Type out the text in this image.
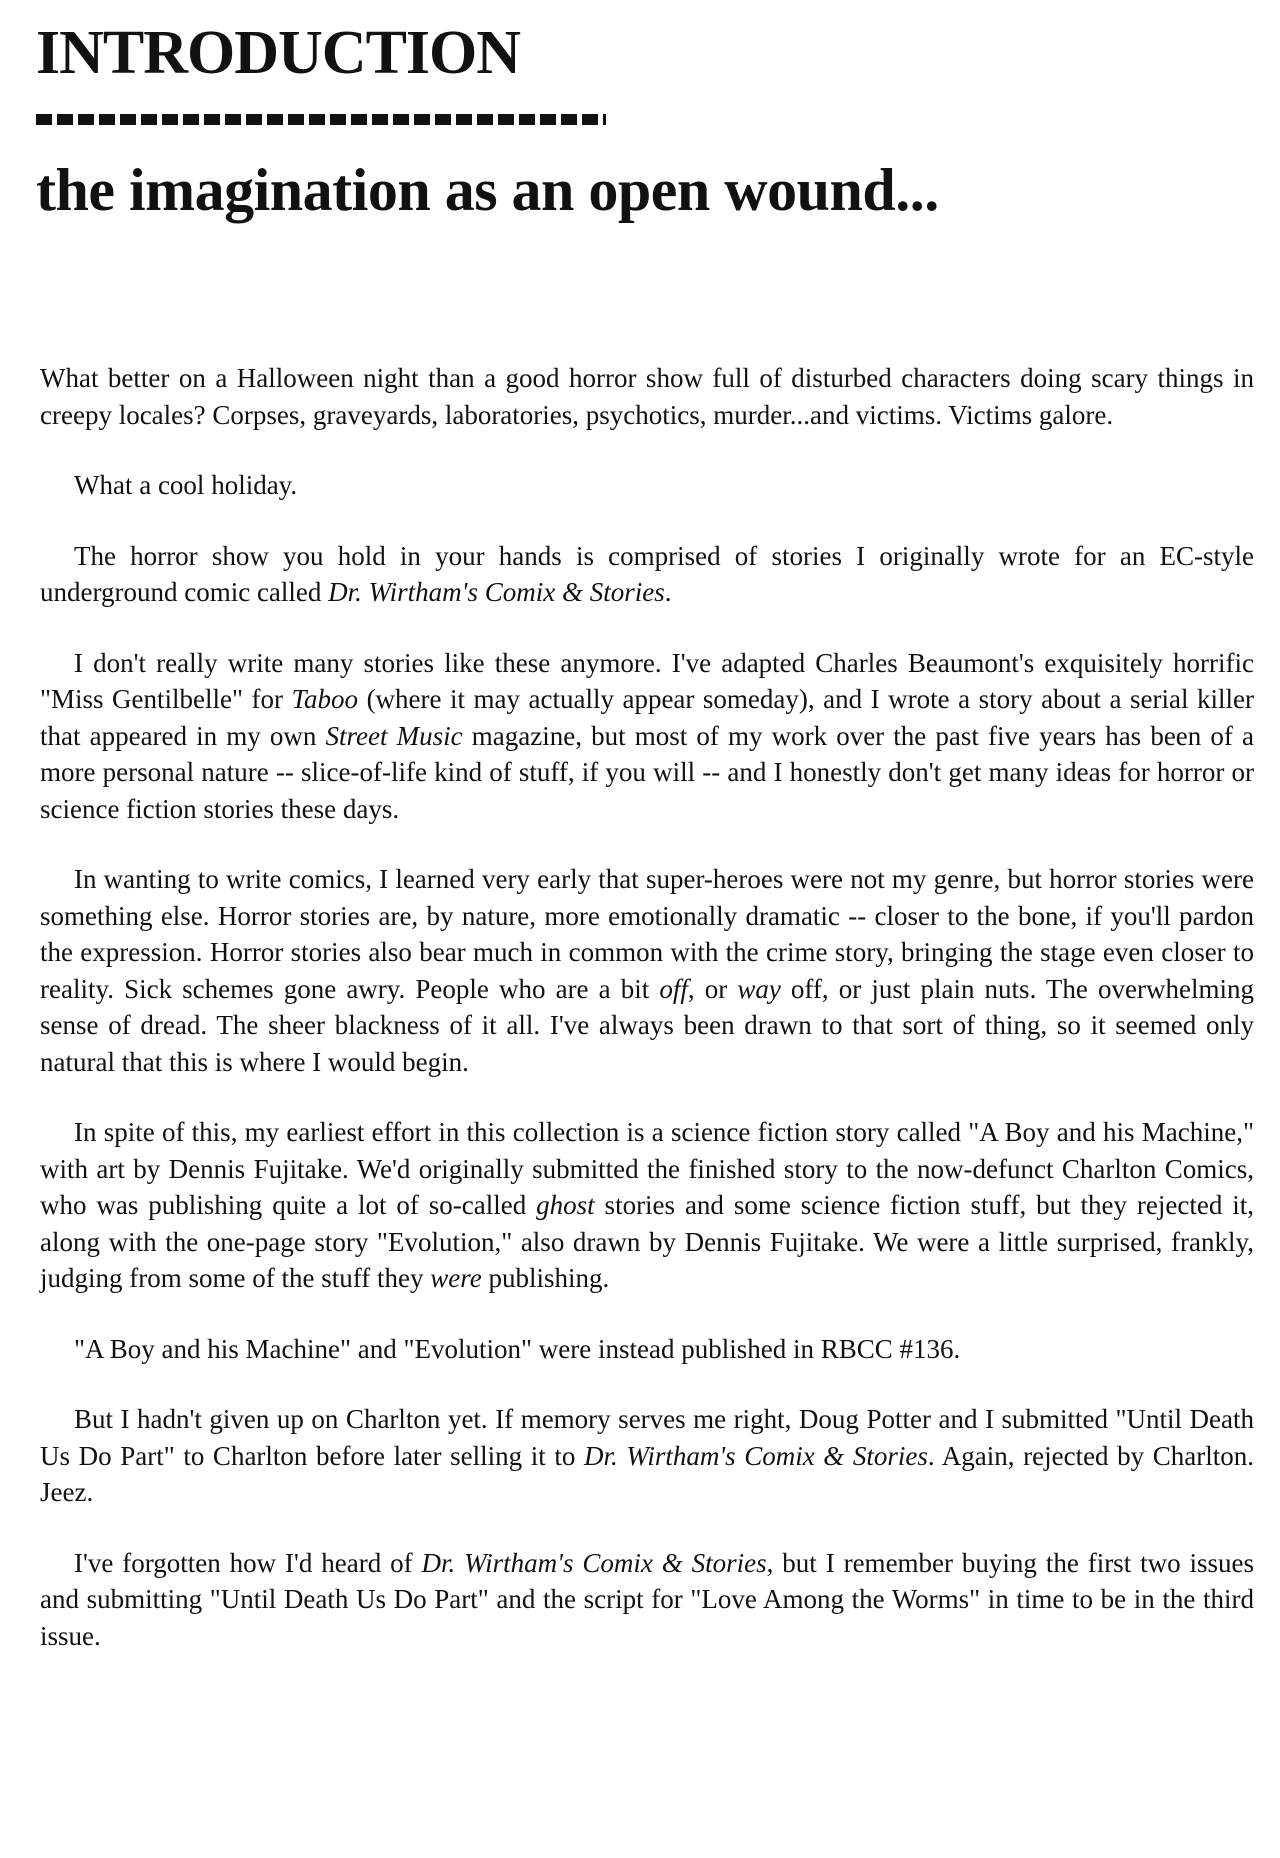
INTRODUCTION
the imagination as an open wound...

What better on a Halloween night than a good horror show full of disturbed characters doing scary things in creepy locales? Corpses, graveyards, laboratories, psychotics, murder...and victims. Victims galore.

What a cool holiday.

The horror show you hold in your hands is comprised of stories I originally wrote for an EC-style underground comic called Dr. Wirtham's Comix & Stories.

I don't really write many stories like these anymore. I've adapted Charles Beaumont's exquisitely horrific "Miss Gentilbelle" for Taboo (where it may actually appear someday), and I wrote a story about a serial killer that appeared in my own Street Music magazine, but most of my work over the past five years has been of a more personal nature -- slice-of-life kind of stuff, if you will -- and I honestly don't get many ideas for horror or science fiction stories these days.

In wanting to write comics, I learned very early that super-heroes were not my genre, but horror stories were something else. Horror stories are, by nature, more emotionally dramatic -- closer to the bone, if you'll pardon the expression. Horror stories also bear much in common with the crime story, bringing the stage even closer to reality. Sick schemes gone awry. People who are a bit off, or way off, or just plain nuts. The overwhelming sense of dread. The sheer blackness of it all. I've always been drawn to that sort of thing, so it seemed only natural that this is where I would begin.

In spite of this, my earliest effort in this collection is a science fiction story called "A Boy and his Machine," with art by Dennis Fujitake. We'd originally submitted the finished story to the now-defunct Charlton Comics, who was publishing quite a lot of so-called ghost stories and some science fiction stuff, but they rejected it, along with the one-page story "Evolution," also drawn by Dennis Fujitake. We were a little surprised, frankly, judging from some of the stuff they were publishing.

"A Boy and his Machine" and "Evolution" were instead published in RBCC #136.

But I hadn't given up on Charlton yet. If memory serves me right, Doug Potter and I submitted "Until Death Us Do Part" to Charlton before later selling it to Dr. Wirtham's Comix & Stories. Again, rejected by Charlton. Jeez.

I've forgotten how I'd heard of Dr. Wirtham's Comix & Stories, but I remember buying the first two issues and submitting "Until Death Us Do Part" and the script for "Love Among the Worms" in time to be in the third issue.
